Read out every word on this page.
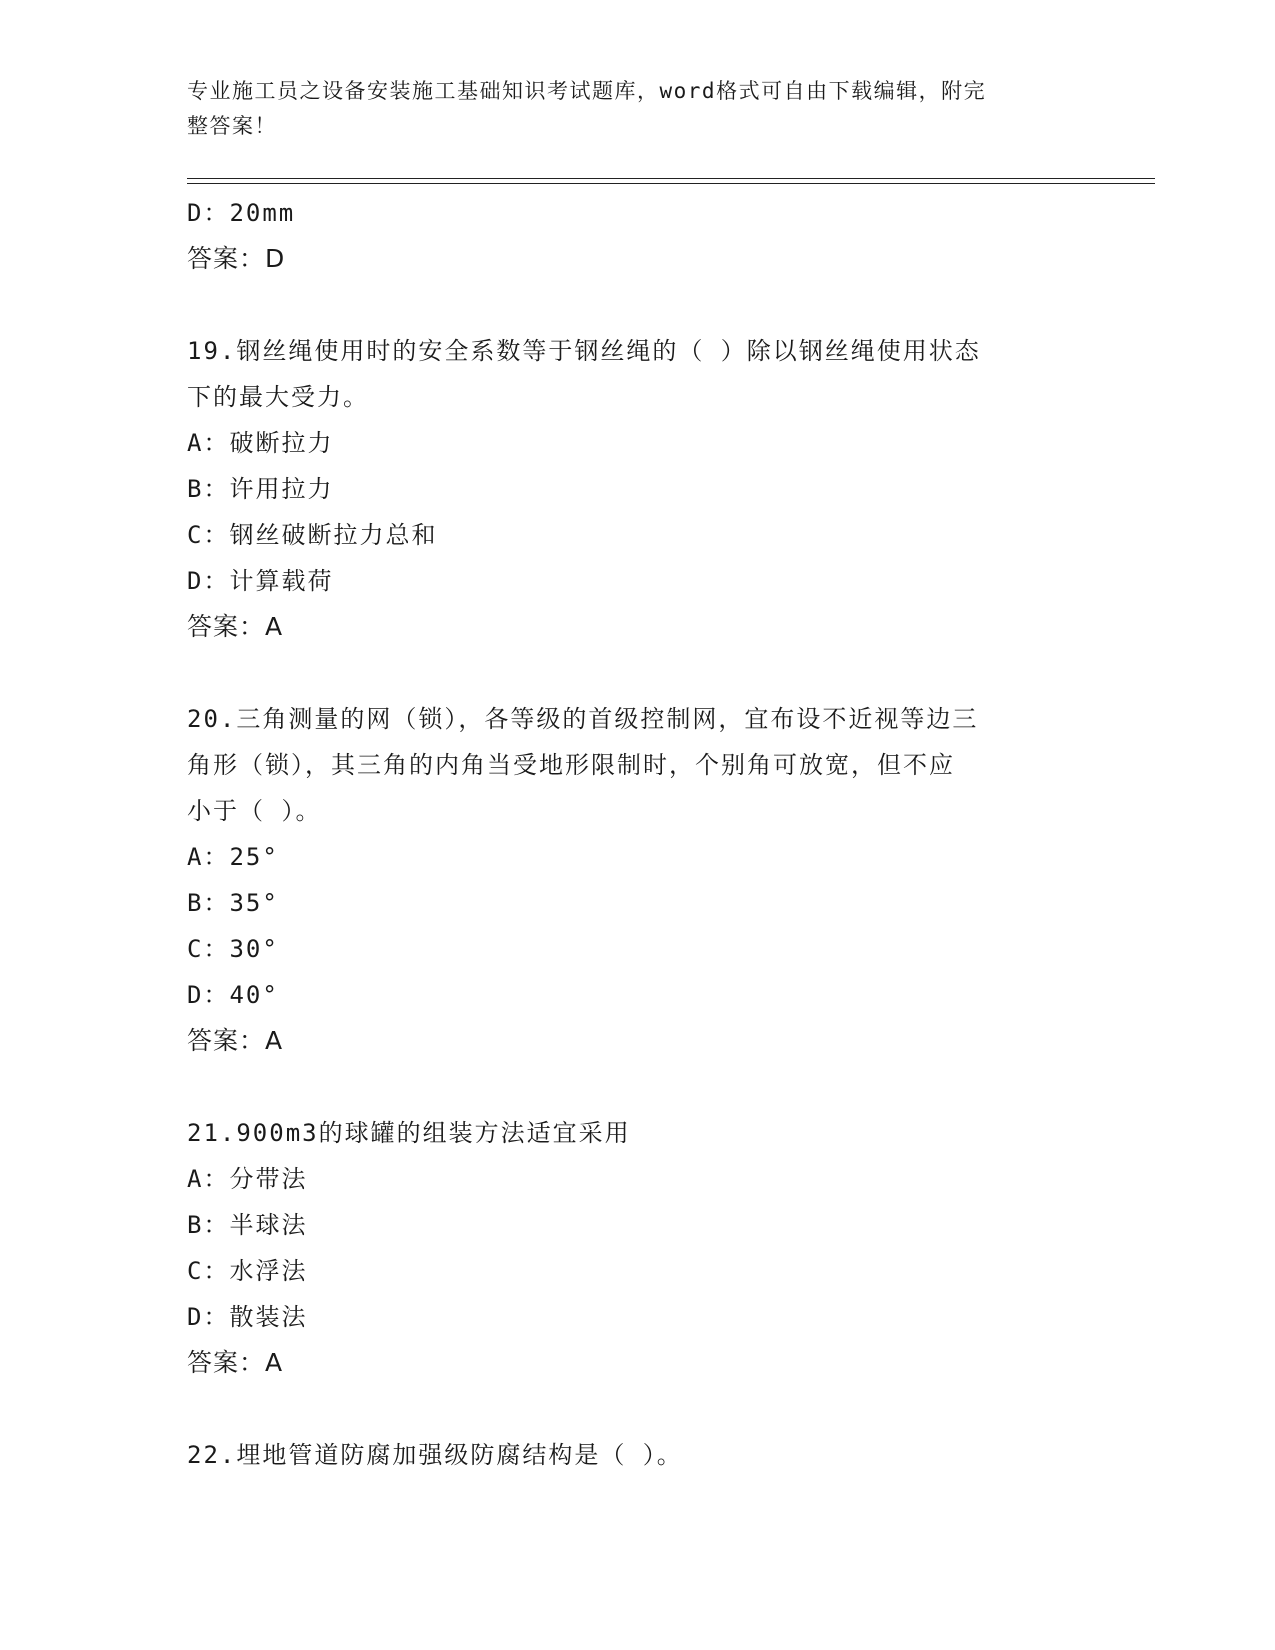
专业施工员之设备安装施工基础知识考试题库，word格式可自由下载编辑，附完
整答案！
D：20mm
答案：D
19.钢丝绳使用时的安全系数等于钢丝绳的（ ）除以钢丝绳使用状态
下的最大受力。
A：破断拉力
B：许用拉力
C：钢丝破断拉力总和
D：计算载荷
答案：A
20.三角测量的网（锁），各等级的首级控制网，宜布设不近视等边三
角形（锁），其三角的内角当受地形限制时，个别角可放宽，但不应
小于（ ）。
A：25°
B：35°
C：30°
D：40°
答案：A
21.900m3的球罐的组装方法适宜采用
A：分带法
B：半球法
C：水浮法
D：散装法
答案：A
22.埋地管道防腐加强级防腐结构是（ ）。
